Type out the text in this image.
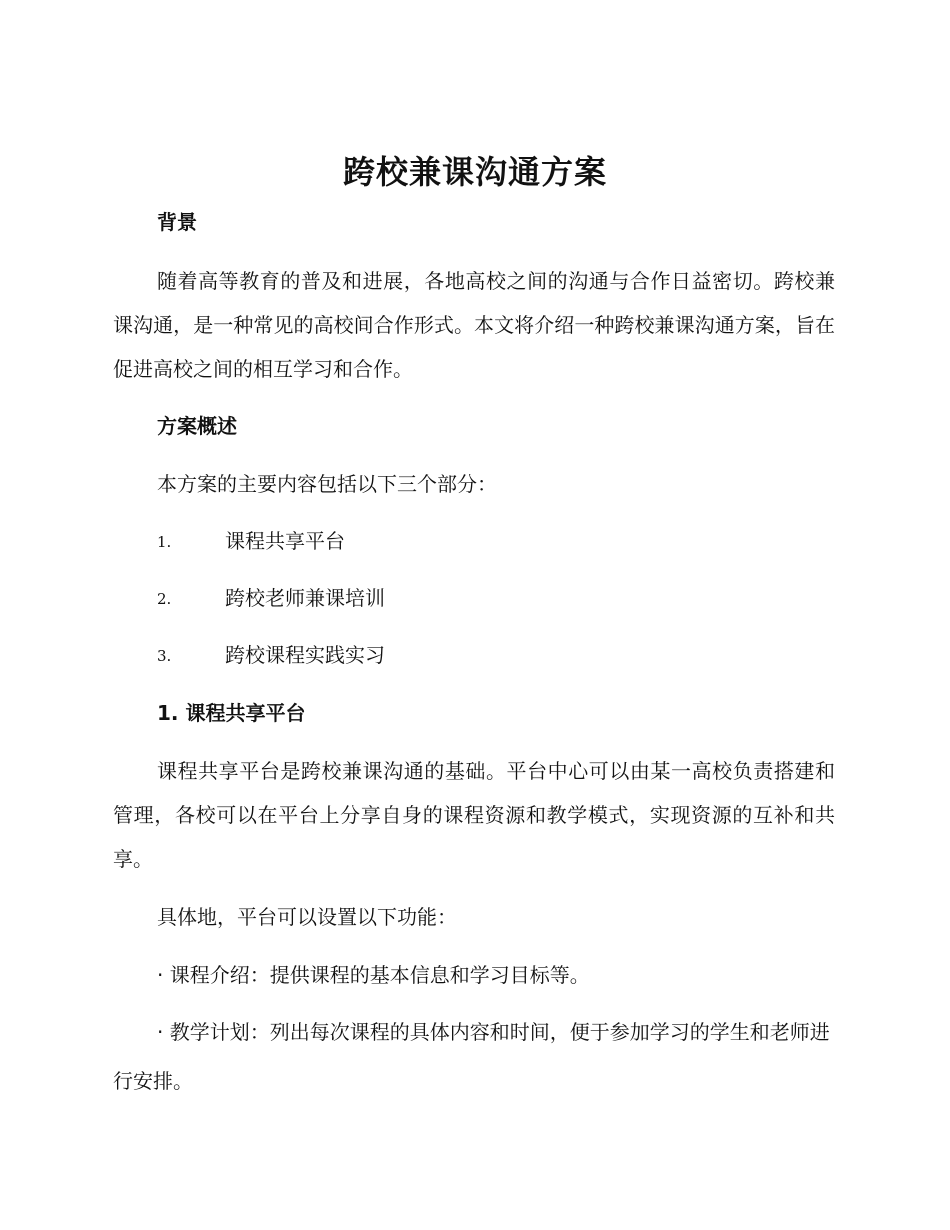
跨校兼课沟通方案
背景
随着高等教育的普及和进展，各地高校之间的沟通与合作日益密切。跨校兼课沟通，是一种常见的高校间合作形式。本文将介绍一种跨校兼课沟通方案，旨在促进高校之间的相互学习和合作。
方案概述
本方案的主要内容包括以下三个部分：
1.	课程共享平台
2.	跨校老师兼课培训
3.	跨校课程实践实习
1. 课程共享平台
课程共享平台是跨校兼课沟通的基础。平台中心可以由某一高校负责搭建和管理，各校可以在平台上分享自身的课程资源和教学模式，实现资源的互补和共享。
具体地，平台可以设置以下功能：
· 课程介绍：提供课程的基本信息和学习目标等。
· 教学计划：列出每次课程的具体内容和时间，便于参加学习的学生和老师进行安排。
